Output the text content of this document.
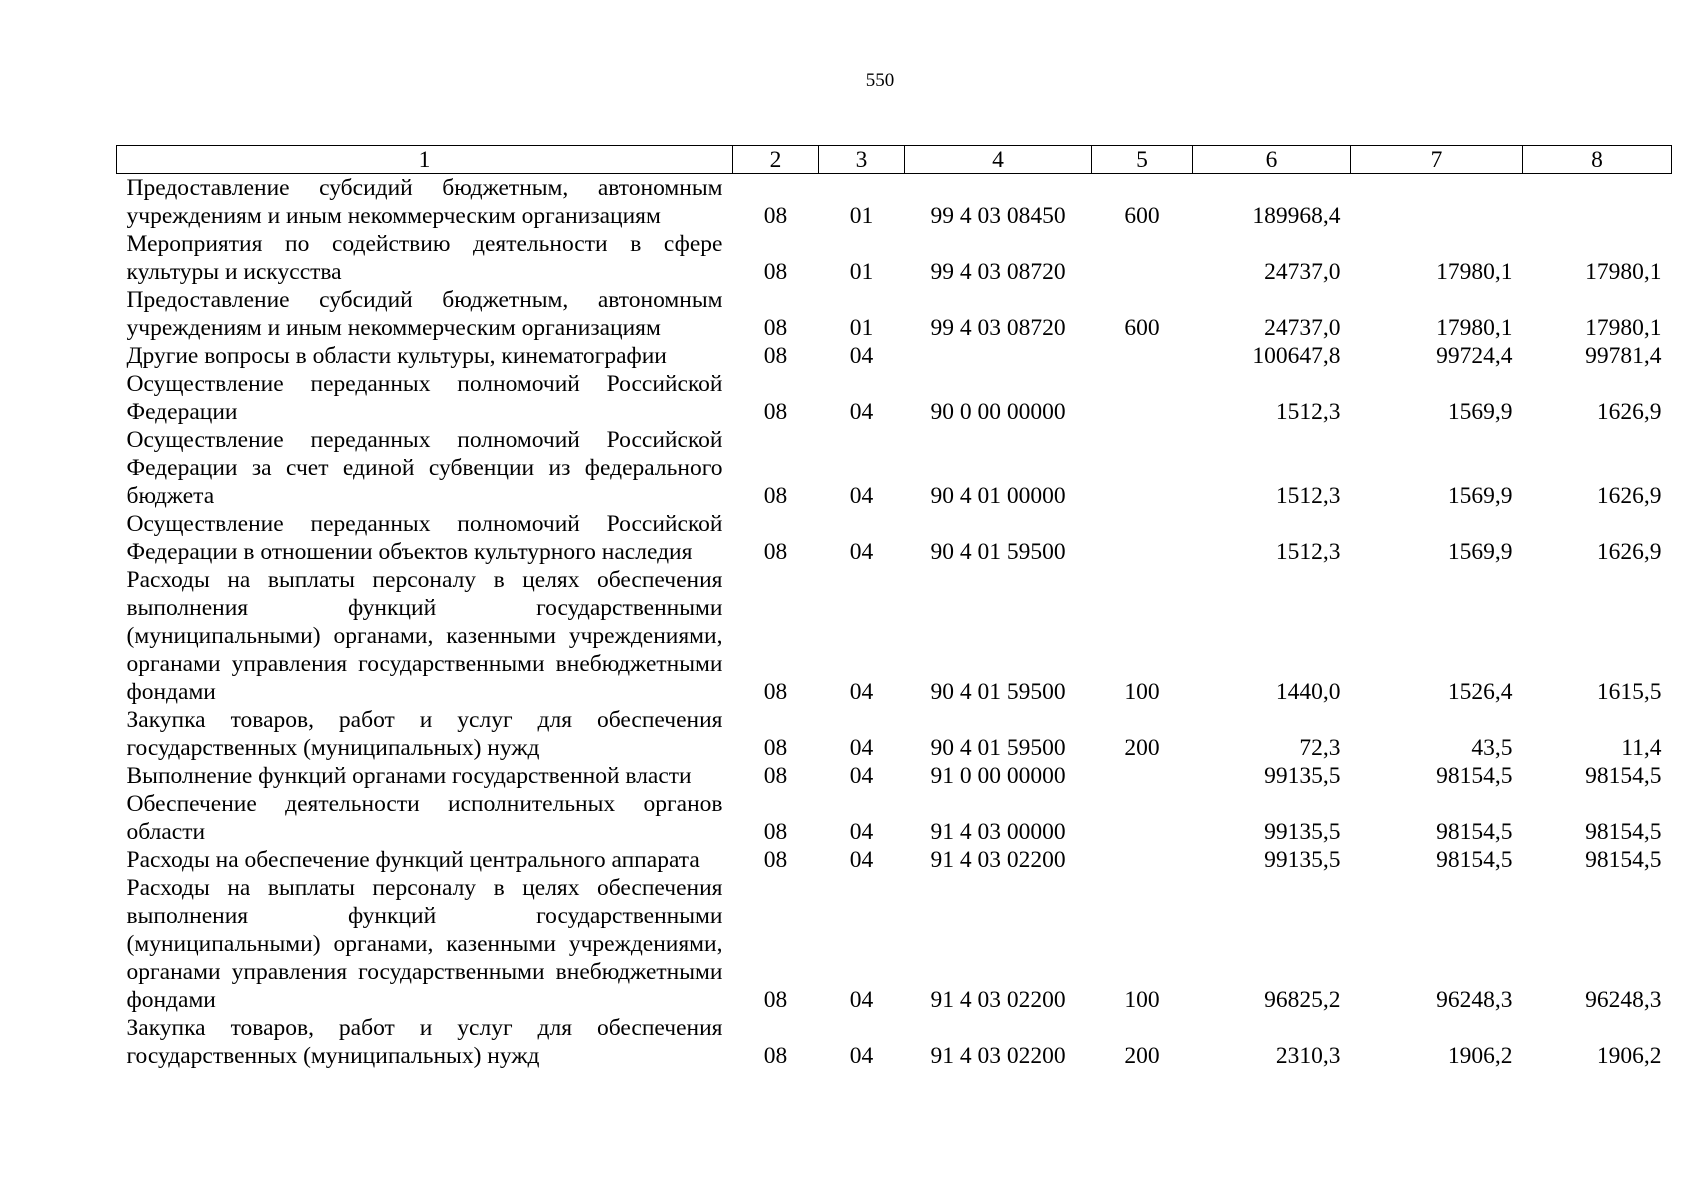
550
1	2	3	4	5	6	7	8
Предоставление субсидий бюджетным, автономным учреждениям и иным некоммерческим организациям	08	01	99 4 03 08450	600	189968,4		
Мероприятия по содействию деятельности в сфере культуры и искусства	08	01	99 4 03 08720		24737,0	17980,1	17980,1
Предоставление субсидий бюджетным, автономным учреждениям и иным некоммерческим организациям	08	01	99 4 03 08720	600	24737,0	17980,1	17980,1
Другие вопросы в области культуры, кинематографии	08	04			100647,8	99724,4	99781,4
Осуществление переданных полномочий Российской Федерации	08	04	90 0 00 00000		1512,3	1569,9	1626,9
Осуществление переданных полномочий Российской Федерации за счет единой субвенции из федерального бюджета	08	04	90 4 01 00000		1512,3	1569,9	1626,9
Осуществление переданных полномочий Российской Федерации в отношении объектов культурного наследия	08	04	90 4 01 59500		1512,3	1569,9	1626,9
Расходы на выплаты персоналу в целях обеспечения выполнения функций государственными (муниципальными) органами, казенными учреждениями, органами управления государственными внебюджетными фондами	08	04	90 4 01 59500	100	1440,0	1526,4	1615,5
Закупка товаров, работ и услуг для обеспечения государственных (муниципальных) нужд	08	04	90 4 01 59500	200	72,3	43,5	11,4
Выполнение функций органами государственной власти	08	04	91 0 00 00000		99135,5	98154,5	98154,5
Обеспечение деятельности исполнительных органов области	08	04	91 4 03 00000		99135,5	98154,5	98154,5
Расходы на обеспечение функций центрального аппарата	08	04	91 4 03 02200		99135,5	98154,5	98154,5
Расходы на выплаты персоналу в целях обеспечения выполнения функций государственными (муниципальными) органами, казенными учреждениями, органами управления государственными внебюджетными фондами	08	04	91 4 03 02200	100	96825,2	96248,3	96248,3
Закупка товаров, работ и услуг для обеспечения государственных (муниципальных) нужд	08	04	91 4 03 02200	200	2310,3	1906,2	1906,2
